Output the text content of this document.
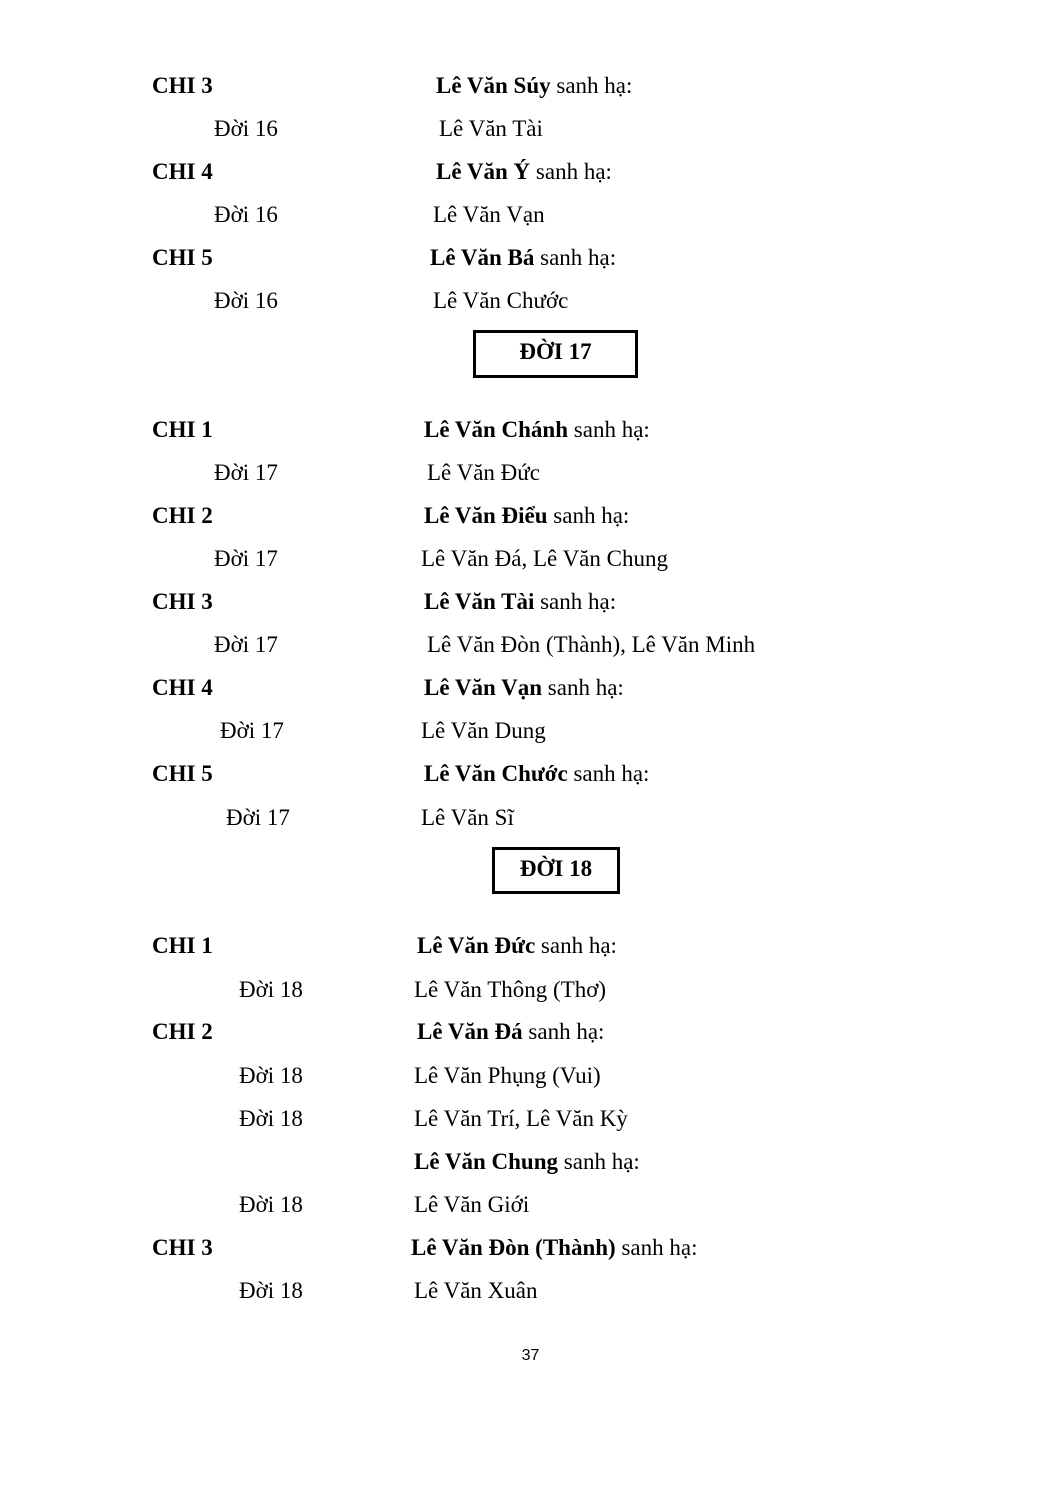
CHI 3	Lê Văn Súy sanh hạ:
Đời 16	Lê Văn Tài
CHI 4	Lê Văn Ý sanh hạ:
Đời 16	Lê Văn Vạn
CHI 5	Lê Văn Bá sanh hạ:
Đời 16	Lê Văn Chước
ĐỜI 17
CHI 1	Lê Văn Chánh sanh hạ:
Đời 17	Lê Văn Đức
CHI 2	Lê Văn Điểu sanh hạ:
Đời 17	Lê Văn Đá, Lê Văn Chung
CHI 3	Lê Văn Tài sanh hạ:
Đời 17	Lê Văn Đòn (Thành), Lê Văn Minh
CHI 4	Lê Văn Vạn sanh hạ:
Đời 17	Lê Văn Dung
CHI 5	Lê Văn Chước sanh hạ:
Đời 17	Lê Văn Sĩ
ĐỜI 18
CHI 1	Lê Văn Đức sanh hạ:
Đời 18	Lê Văn Thông (Thơ)
CHI 2	Lê Văn Đá sanh hạ:
Đời 18	Lê Văn Phụng (Vui)
Đời 18	Lê Văn Trí, Lê Văn Kỳ
Lê Văn Chung sanh hạ:
Đời 18	Lê Văn Giới
CHI 3	Lê Văn Đòn (Thành) sanh hạ:
Đời 18	Lê Văn Xuân
37
